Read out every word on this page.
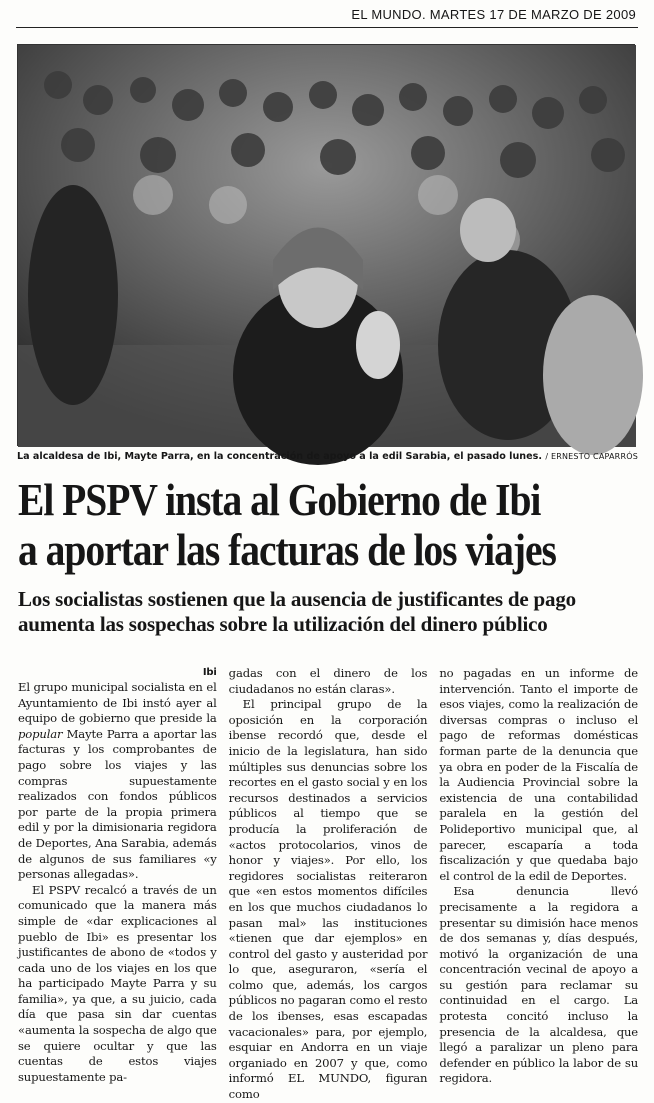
EL MUNDO. MARTES 17 DE MARZO DE 2009
La alcaldesa de Ibi, Mayte Parra, en la concentración de apoyo a la edil Sarabia, el pasado lunes. / ERNESTO CAPARRÓS
El PSPV insta al Gobierno de Ibi
a aportar las facturas de los viajes
Los socialistas sostienen que la ausencia de justificantes de pago
aumenta las sospechas sobre la utilización del dinero público
Ibi

El grupo municipal socialista en el Ayuntamiento de Ibi instó ayer al equipo de gobierno que preside la popular Mayte Parra a aportar las facturas y los comprobantes de pago sobre los viajes y las compras supuestamente realizados con fondos públicos por parte de la propia primera edil y por la dimisionaria regidora de Deportes, Ana Sarabia, además de algunos de sus familiares «y personas allegadas».

El PSPV recalcó a través de un comunicado que la manera más simple de «dar explicaciones al pueblo de Ibi» es presentar los justificantes de abono de «todos y cada uno de los viajes en los que ha participado Mayte Parra y su familia», ya que, a su juicio, cada día que pasa sin dar cuentas «aumenta la sospecha de algo que se quiere ocultar y que las cuentas de estos viajes supuestamente pa-

gadas con el dinero de los ciudadanos no están claras».

El principal grupo de la oposición en la corporación ibense recordó que, desde el inicio de la legislatura, han sido múltiples sus denuncias sobre los recortes en el gasto social y en los recursos destinados a servicios públicos al tiempo que se producía la proliferación de «actos protocolarios, vinos de honor y viajes». Por ello, los regidores socialistas reiteraron que «en estos momentos difíciles en los que muchos ciudadanos lo pasan mal» las instituciones «tienen que dar ejemplos» en control del gasto y austeridad por lo que, aseguraron, «sería el colmo que, además, los cargos públicos no pagaran como el resto de los ibenses, esas escapadas vacacionales» para, por ejemplo, esquiar en Andorra en un viaje organiado en 2007 y que, como informó EL MUNDO, figuran como

no pagadas en un informe de intervención. Tanto el importe de esos viajes, como la realización de diversas compras o incluso el pago de reformas domésticas forman parte de la denuncia que ya obra en poder de la Fiscalía de la Audiencia Provincial sobre la existencia de una contabilidad paralela en la gestión del Polideportivo municipal que, al parecer, escaparía a toda fiscalización y que quedaba bajo el control de la edil de Deportes.

Esa denuncia llevó precisamente a la regidora a presentar su dimisión hace menos de dos semanas y, días después, motivó la organización de una concentración vecinal de apoyo a su gestión para reclamar su continuidad en el cargo. La protesta concitó incluso la presencia de la alcaldesa, que llegó a paralizar un pleno para defender en público la labor de su regidora.
